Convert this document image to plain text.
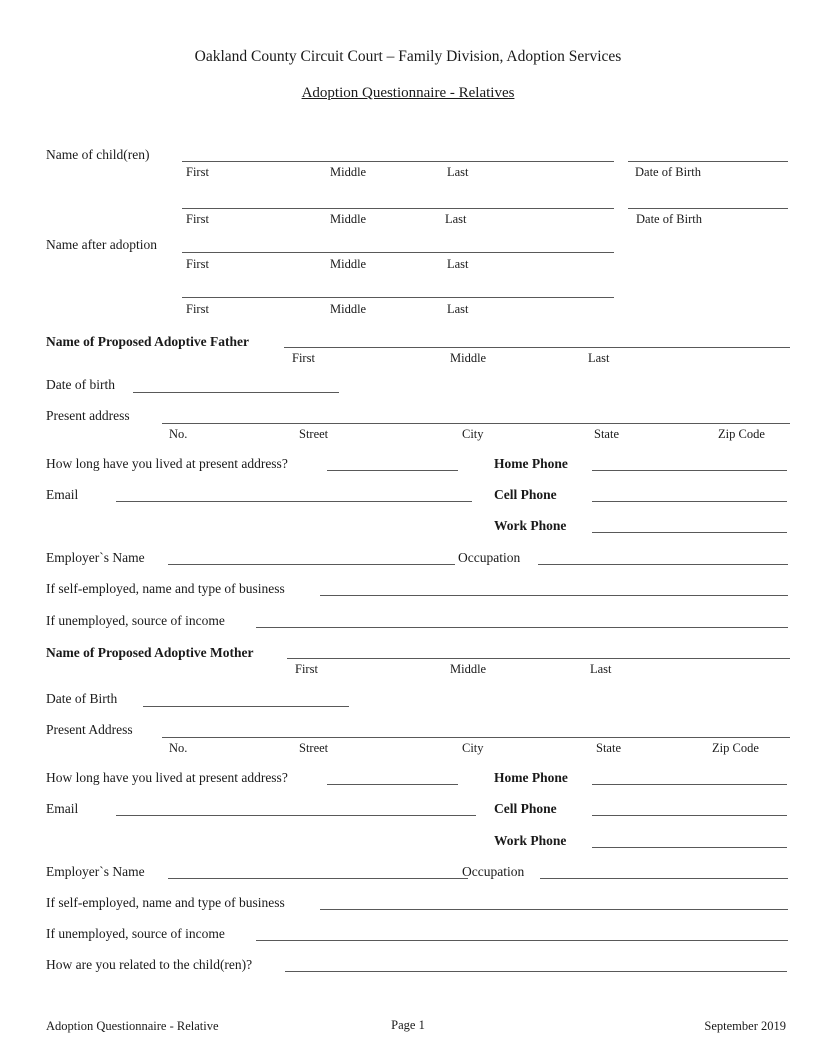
Oakland County Circuit Court – Family Division, Adoption Services
Adoption Questionnaire - Relatives
Name of child(ren)
First	Middle	Last	Date of Birth
First	Middle	Last	Date of Birth
Name after adoption
First	Middle	Last
First	Middle	Last
Name of Proposed Adoptive Father
First	Middle	Last
Date of birth
Present address
No.	Street	City	State	Zip Code
How long have you lived at present address?	Home Phone
Email	Cell Phone
Work Phone
Employer`s Name	Occupation
If self-employed, name and type of business
If unemployed, source of income
Name of Proposed Adoptive Mother
First	Middle	Last
Date of Birth
Present Address
No.	Street	City	State	Zip Code
How long have you lived at present address?	Home Phone
Email	Cell Phone
Work Phone
Employer`s Name	Occupation
If self-employed, name and type of business
If unemployed, source of income
How are you related to the child(ren)?
Adoption Questionnaire - Relative	Page 1	September 2019
